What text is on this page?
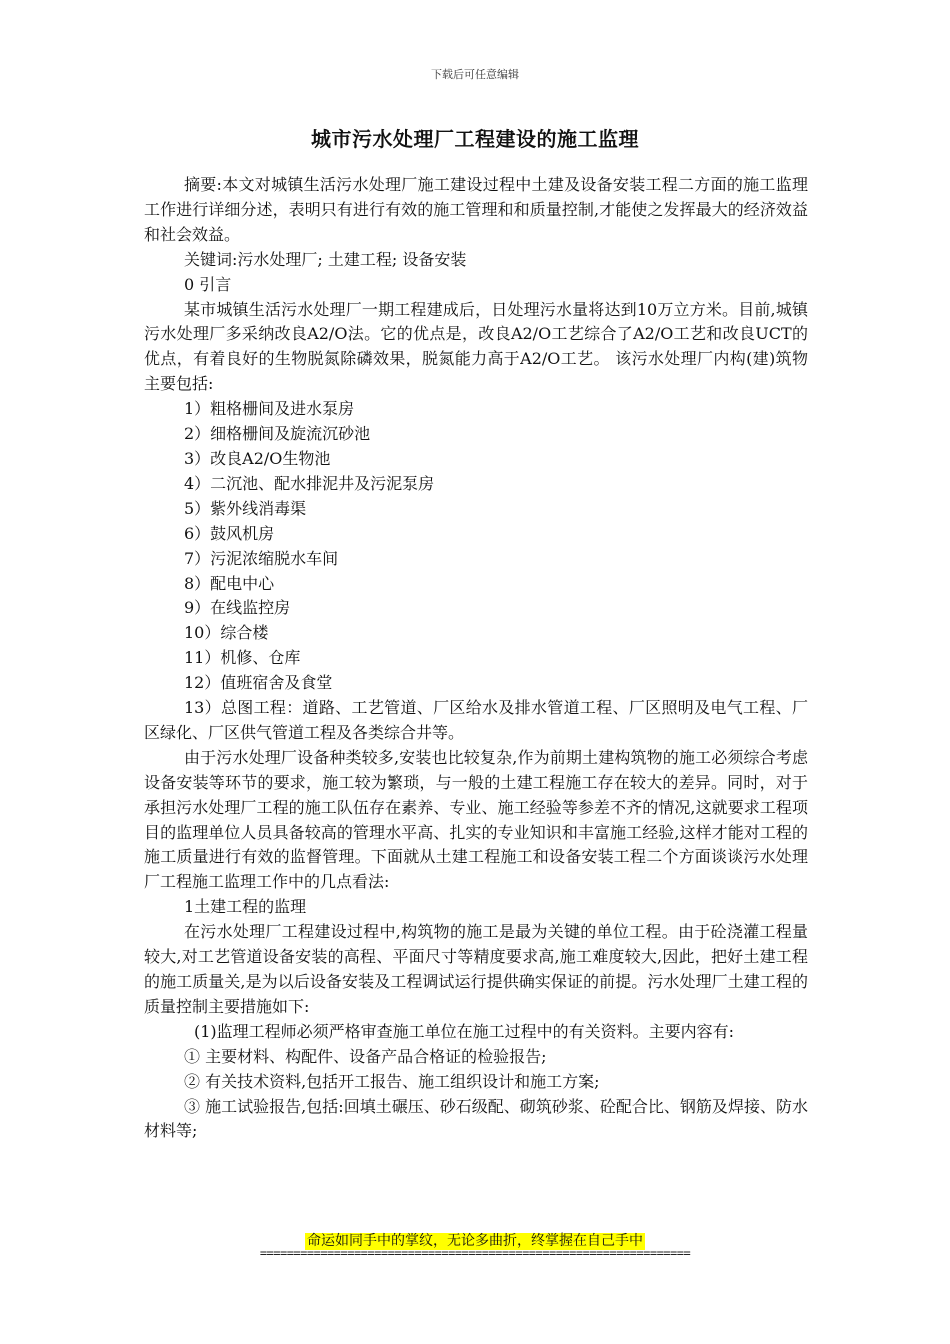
下载后可任意编辑
城市污水处理厂工程建设的施工监理

摘要:本文对城镇生活污水处理厂施工建设过程中土建及设备安装工程二方面的施工监理工作进行详细分述，表明只有进行有效的施工管理和和质量控制,才能使之发挥最大的经济效益和社会效益。

关键词:污水处理厂; 土建工程; 设备安装

0 引言

某市城镇生活污水处理厂一期工程建成后，日处理污水量将达到10万立方米。目前,城镇污水处理厂多采纳改良A2/O法。它的优点是，改良A2/O工艺综合了A2/O工艺和改良UCT的优点，有着良好的生物脱氮除磷效果，脱氮能力高于A2/O工艺。 该污水处理厂内构(建)筑物 主要包括:

1）粗格栅间及进水泵房

2）细格栅间及旋流沉砂池

3）改良A2/O生物池

4）二沉池、配水排泥井及污泥泵房

5）紫外线消毒渠

6）鼓风机房

7）污泥浓缩脱水车间

8）配电中心

9）在线监控房

10）综合楼

11）机修、仓库

12）值班宿舍及食堂

13）总图工程：道路、工艺管道、厂区给水及排水管道工程、厂区照明及电气工程、厂区绿化、厂区供气管道工程及各类综合井等。

由于污水处理厂设备种类较多,安装也比较复杂,作为前期土建构筑物的施工必须综合考虑设备安装等环节的要求，施工较为繁琐，与一般的土建工程施工存在较大的差异。同时，对于承担污水处理厂工程的施工队伍存在素养、专业、施工经验等参差不齐的情况,这就要求工程项目的监理单位人员具备较高的管理水平高、扎实的专业知识和丰富施工经验,这样才能对工程的施工质量进行有效的监督管理。下面就从土建工程施工和设备安装工程二个方面谈谈污水处理厂工程施工监理工作中的几点看法:

1土建工程的监理

在污水处理厂工程建设过程中,构筑物的施工是最为关键的单位工程。由于砼浇灌工程量较大,对工艺管道设备安装的高程、平面尺寸等精度要求高,施工难度较大,因此，把好土建工程的施工质量关,是为以后设备安装及工程调试运行提供确实保证的前提。污水处理厂土建工程的质量控制主要措施如下:

(1)监理工程师必须严格审查施工单位在施工过程中的有关资料。主要内容有:

① 主要材料、构配件、设备产品合格证的检验报告;

② 有关技术资料,包括开工报告、施工组织设计和施工方案;

③ 施工试验报告,包括:回填土碾压、砂石级配、砌筑砂浆、砼配合比、钢筋及焊接、防水材料等;

命运如同手中的掌纹，无论多曲折，终掌握在自己手中
================================================================
